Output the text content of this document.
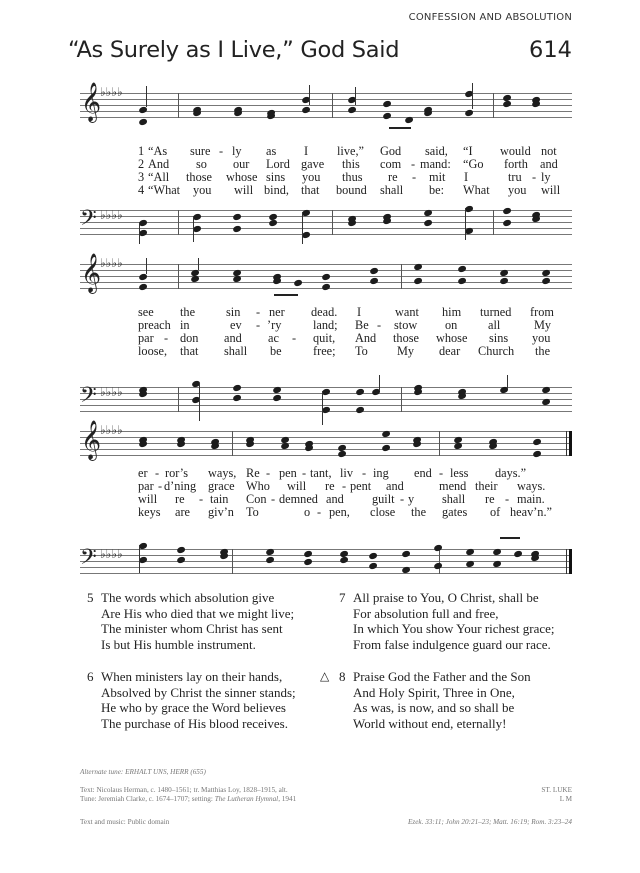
CONFESSION AND ABSOLUTION
“As Surely as I Live,” God Said	614
𝄞
♭♭♭♭
1 “As sure - ly as I live,” God said, “I would not
2 And so our Lord gave this com - mand: “Go forth and
3 “All those whose sins you thus re - mit I	tru - ly
4 “What you will bind, that bound shall be: What you will
𝄢 ♭♭♭♭
𝄞
♭♭♭♭
see the	sin - ner dead. I	want him turned from
preach in	ev - ’ry	land; Be - stow on all	My
par - don and ac - quit, And those whose sins you
loose, that shall be	free; To My dear Church the
𝄢 ♭♭♭♭
𝄞
♭♭♭♭
er - ror’s ways, Re - pen - tant, liv - ing end - less days.”
par - d’ning grace Who will re - pent and	mend their ways.
will re - tain Con - demned and guilt - y shall re - main.
keys are giv’n To	o - pen, close the gates of heav’n.”
𝄢 ♭♭♭♭
5 The words which absolution give
Are His who died that we might live;
The minister whom Christ has sent
Is but His humble instrument.
6 When ministers lay on their hands,
Absolved by Christ the sinner stands;
He who by grace the Word believes
The purchase of His blood receives.
7 All praise to You, O Christ, shall be
For absolution full and free,
In which You show Your richest grace;
From false indulgence guard our race.
△ 8 Praise God the Father and the Son
And Holy Spirit, Three in One,
As was, is now, and so shall be
World without end, eternally!
Alternate tune: ERHALT UNS, HERR (655)
Text: Nicolaus Herman, c. 1480–1561; tr. Matthias Loy, 1828–1915, alt.
Tune: Jeremiah Clarke, c. 1674–1707; setting: The Lutheran Hymnal, 1941
Text and music: Public domain
ST. LUKE
L M
Ezek. 33:11; John 20:21–23; Matt. 16:19; Rom. 3:23–24
